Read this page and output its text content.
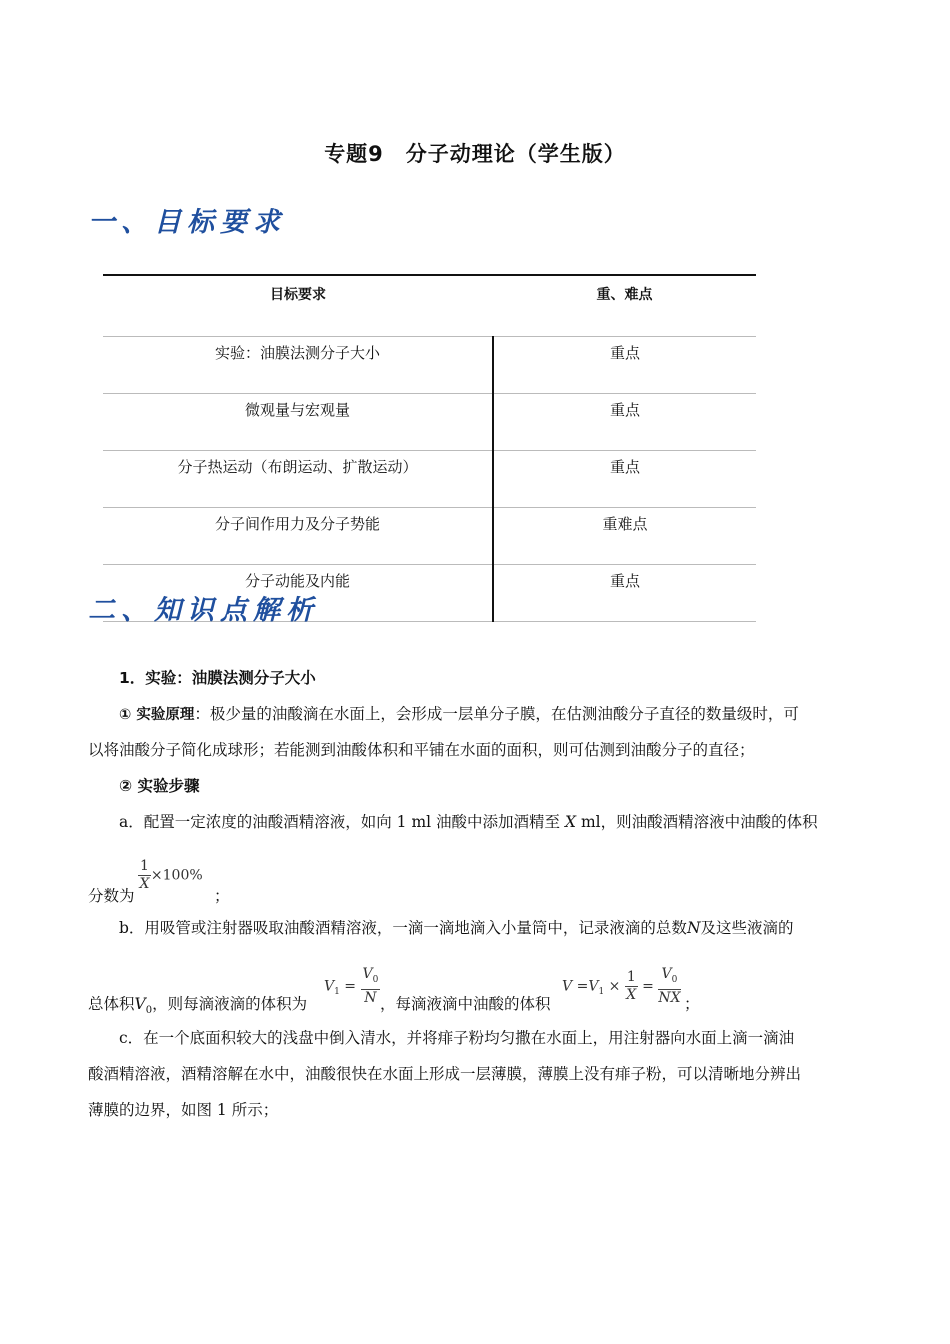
专题9　分子动理论（学生版）
一、目标要求
目标要求	重、难点
实验：油膜法测分子大小	重点
微观量与宏观量	重点
分子热运动（布朗运动、扩散运动）	重点
分子间作用力及分子势能	重难点
分子动能及内能	重点
二、知识点解析
1．实验：油膜法测分子大小
① 实验原理：极少量的油酸滴在水面上，会形成一层单分子膜，在估测油酸分子直径的数量级时，可
以将油酸分子简化成球形；若能测到油酸体积和平铺在水面的面积，则可估测到油酸分子的直径；
② 实验步骤
a．配置一定浓度的油酸酒精溶液，如向 1 ml 油酸中添加酒精至 X ml，则油酸酒精溶液中油酸的体积
分数为
$\frac{1}{X} \times 100\%$
；
b．用吸管或注射器吸取油酸酒精溶液，一滴一滴地滴入小量筒中，记录液滴的总数N及这些液滴的
总体积$V_0$，则每滴液滴的体积为
$V_1 = \frac{V_0}{N}$ ，每滴液滴中油酸的体积
$V =V_1 \times \frac{1}{X} = \frac{V_0}{NX}$ ；
c．在一个底面积较大的浅盘中倒入清水，并将痱子粉均匀撒在水面上，用注射器向水面上滴一滴油
酸酒精溶液，酒精溶解在水中，油酸很快在水面上形成一层薄膜，薄膜上没有痱子粉，可以清晰地分辨出
薄膜的边界，如图 1 所示；
